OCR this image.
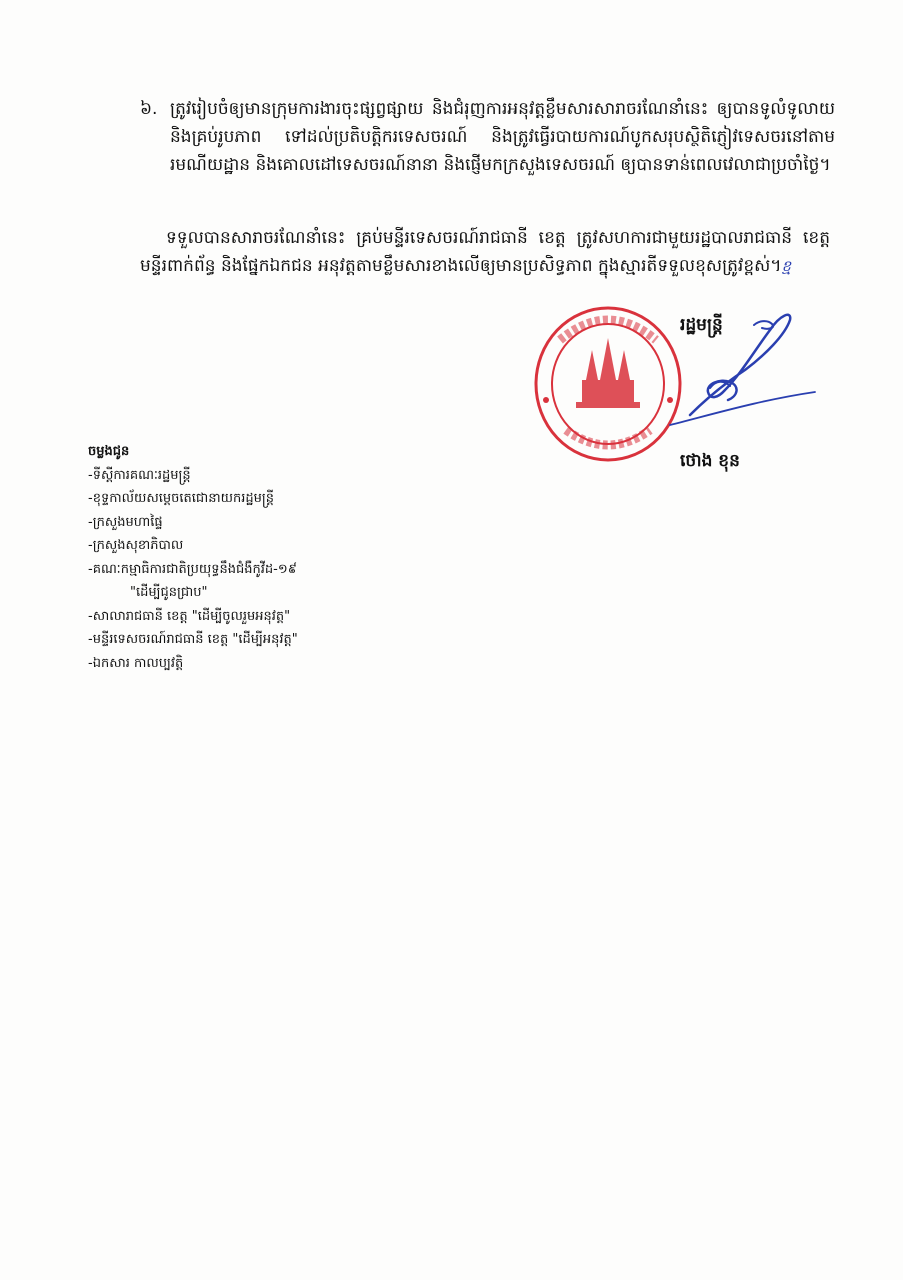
៦. ត្រូវរៀបចំឲ្យមានក្រុមការងារចុះផ្សព្វផ្សាយ និងជំរុញការអនុវត្តខ្លឹមសារសារាចរណែនាំនេះ ឲ្យបានទូលំទូលាយ និងគ្រប់រូបភាព ទៅដល់ប្រតិបត្តិករទេសចរណ៍ និងត្រូវធ្វើរបាយការណ៍បូកសរុបស្ថិតិភ្ញៀវទេសចរនៅតាមរមណីយដ្ឋាន និងគោលដៅទេសចរណ៍នានា និងផ្ញើមកក្រសួងទេសចរណ៍ ឲ្យបានទាន់ពេលវេលាជាប្រចាំថ្ងៃ។
ទទួលបានសារាចរណែនាំនេះ គ្រប់មន្ទីរទេសចរណ៍រាជធានី ខេត្ត ត្រូវសហការជាមួយរដ្ឋបាលរាជធានី ខេត្ត មន្ទីរពាក់ព័ន្ធ និងផ្នែកឯកជន អនុវត្តតាមខ្លឹមសារខាងលើឲ្យមានប្រសិទ្ធភាព ក្នុងស្មារតីទទួលខុសត្រូវខ្ពស់។ខ្ម
រដ្ឋមន្ត្រី
ថោង ខុន
ចម្លងជូន
-ទីស្តីការគណៈរដ្ឋមន្ត្រី
-ខុទ្ទកាល័យសម្តេចតេជោនាយករដ្ឋមន្ត្រី
-ក្រសួងមហាផ្ទៃ
-ក្រសួងសុខាភិបាល
-គណៈកម្មាធិការជាតិប្រយុទ្ធនឹងជំងឺកូវីដ-១៩
"ដើម្បីជូនជ្រាប"
-សាលារាជធានី ខេត្ត "ដើម្បីចូលរួមអនុវត្ត"
-មន្ទីរទេសចរណ៍រាជធានី ខេត្ត "ដើម្បីអនុវត្ត"
-ឯកសារ កាលប្បវត្តិ
